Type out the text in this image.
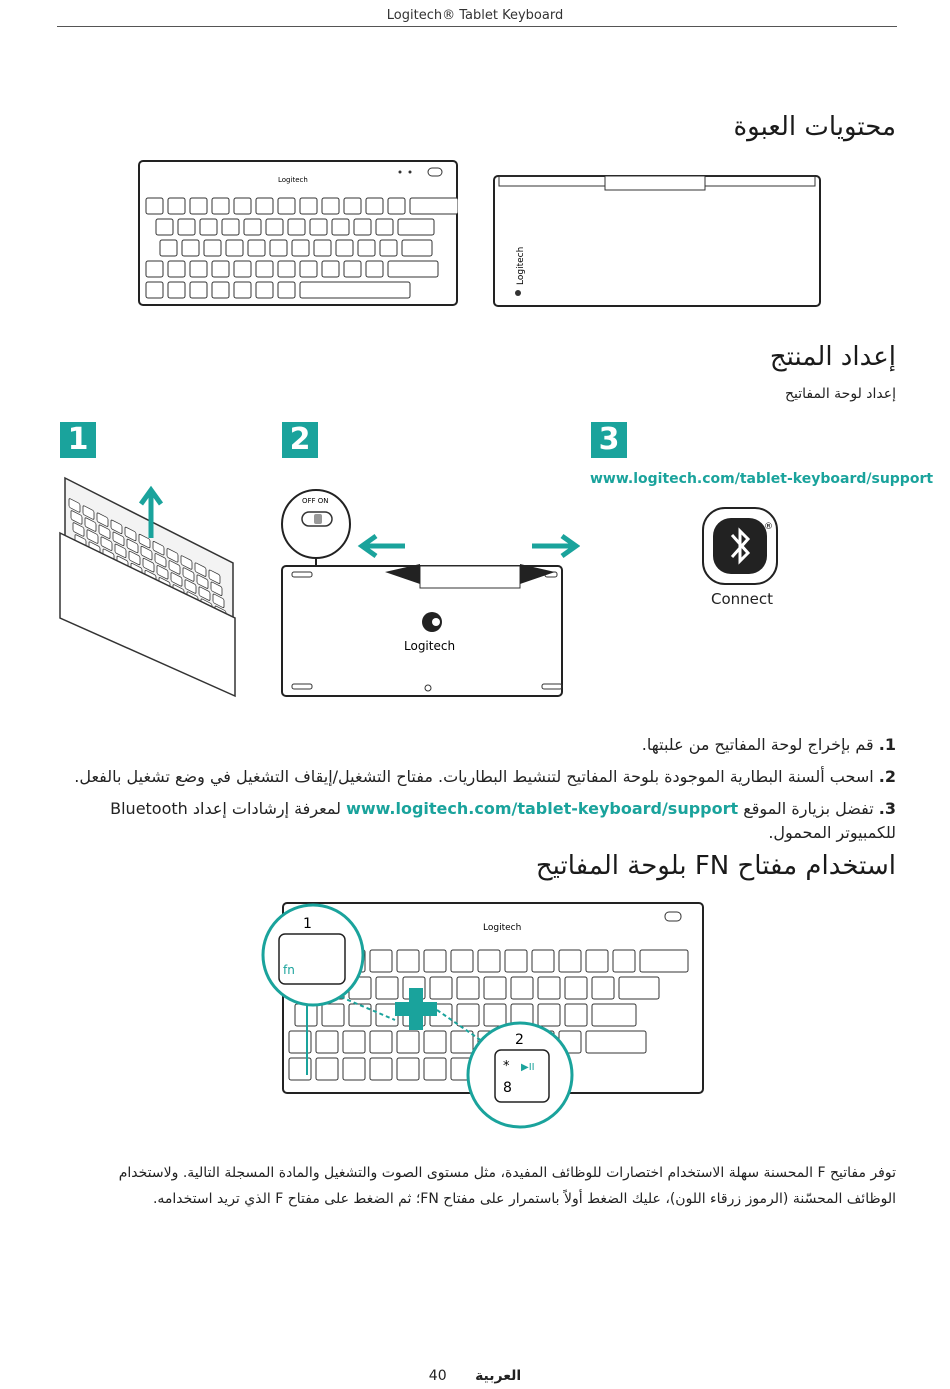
Logitech® Tablet Keyboard
محتويات العبوة
Logitech
Logitech
إعداد المنتج
إعداد لوحة المفاتيح
1	2	3
OFF ON
Logitech
www.logitech.com/tablet-keyboard/support
®
Connect

1. قم بإخراج لوحة المفاتيح من علبتها.

2. اسحب ألسنة البطارية الموجودة بلوحة المفاتيح لتنشيط البطاريات. مفتاح التشغيل/إيقاف التشغيل في وضع تشغيل بالفعل.

3. تفضل بزيارة الموقع www.logitech.com/tablet-keyboard/support لمعرفة إرشادات إعداد Bluetooth للكمبيوتر المحمول.

استخدام مفتاح FN بلوحة المفاتيح
Logitech
1
fn
2
* ▶II
8

توفر مفاتيح F المحسنة سهلة الاستخدام اختصارات للوظائف المفيدة، مثل مستوى الصوت والتشغيل والمادة المسجلة التالية. ولاستخدام

الوظائف المحسّنة (الرموز زرقاء اللون)، عليك الضغط أولاً باستمرار على مفتاح FN؛ ثم الضغط على مفتاح F الذي تريد استخدامه.

40 العربية
